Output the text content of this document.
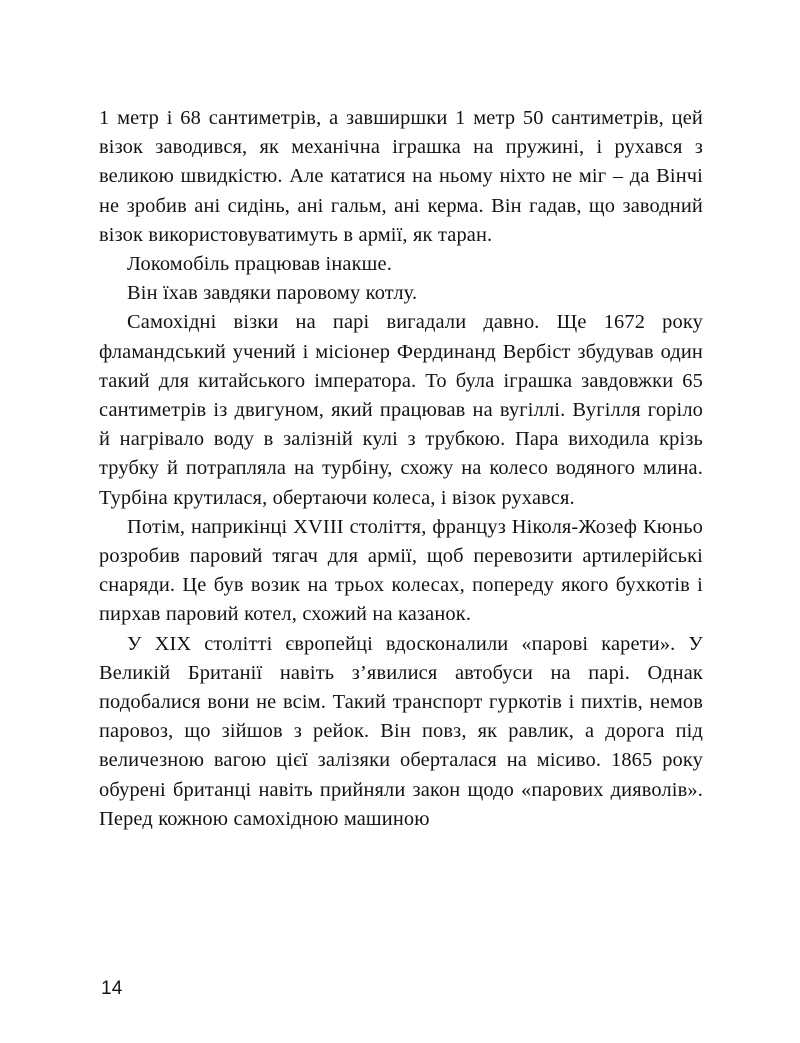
1 метр і 68 сантиметрів, а завширшки 1 метр 50 сантиметрів, цей візок заводився, як механічна іграшка на пружині, і рухався з великою швидкістю. Але кататися на ньому ніхто не міг – да Вінчі не зробив ані сидінь, ані гальм, ані керма. Він гадав, що заводний візок використовуватимуть в армії, як таран.

Локомобіль працював інакше.

Він їхав завдяки паровому котлу.

Самохідні візки на парі вигадали давно. Ще 1672 року фламандський учений і місіонер Фердинанд Вербіст збудував один такий для китайського імператора. То була іграшка завдовжки 65 сантиметрів із двигуном, який працював на вугіллі. Вугілля горіло й нагрівало воду в залізній кулі з трубкою. Пара виходила крізь трубку й потрапляла на турбіну, схожу на колесо водяного млина. Турбіна крутилася, обертаючи колеса, і візок рухався.

Потім, наприкінці XVIII століття, француз Ніколя-Жозеф Кюньо розробив паровий тягач для армії, щоб перевозити артилерійські снаряди. Це був возик на трьох колесах, попереду якого бухкотів і пирхав паровий котел, схожий на казанок.

У XIX столітті європейці вдосконалили «парові карети». У Великій Британії навіть з’явилися автобуси на парі. Однак подобалися вони не всім. Такий транспорт гуркотів і пихтів, немов паровоз, що зійшов з рейок. Він повз, як равлик, а дорога під величезною вагою цієї залізяки оберталася на місиво. 1865 року обурені британці навіть прийняли закон щодо «парових дияволів». Перед кожною самохідною машиною

14
